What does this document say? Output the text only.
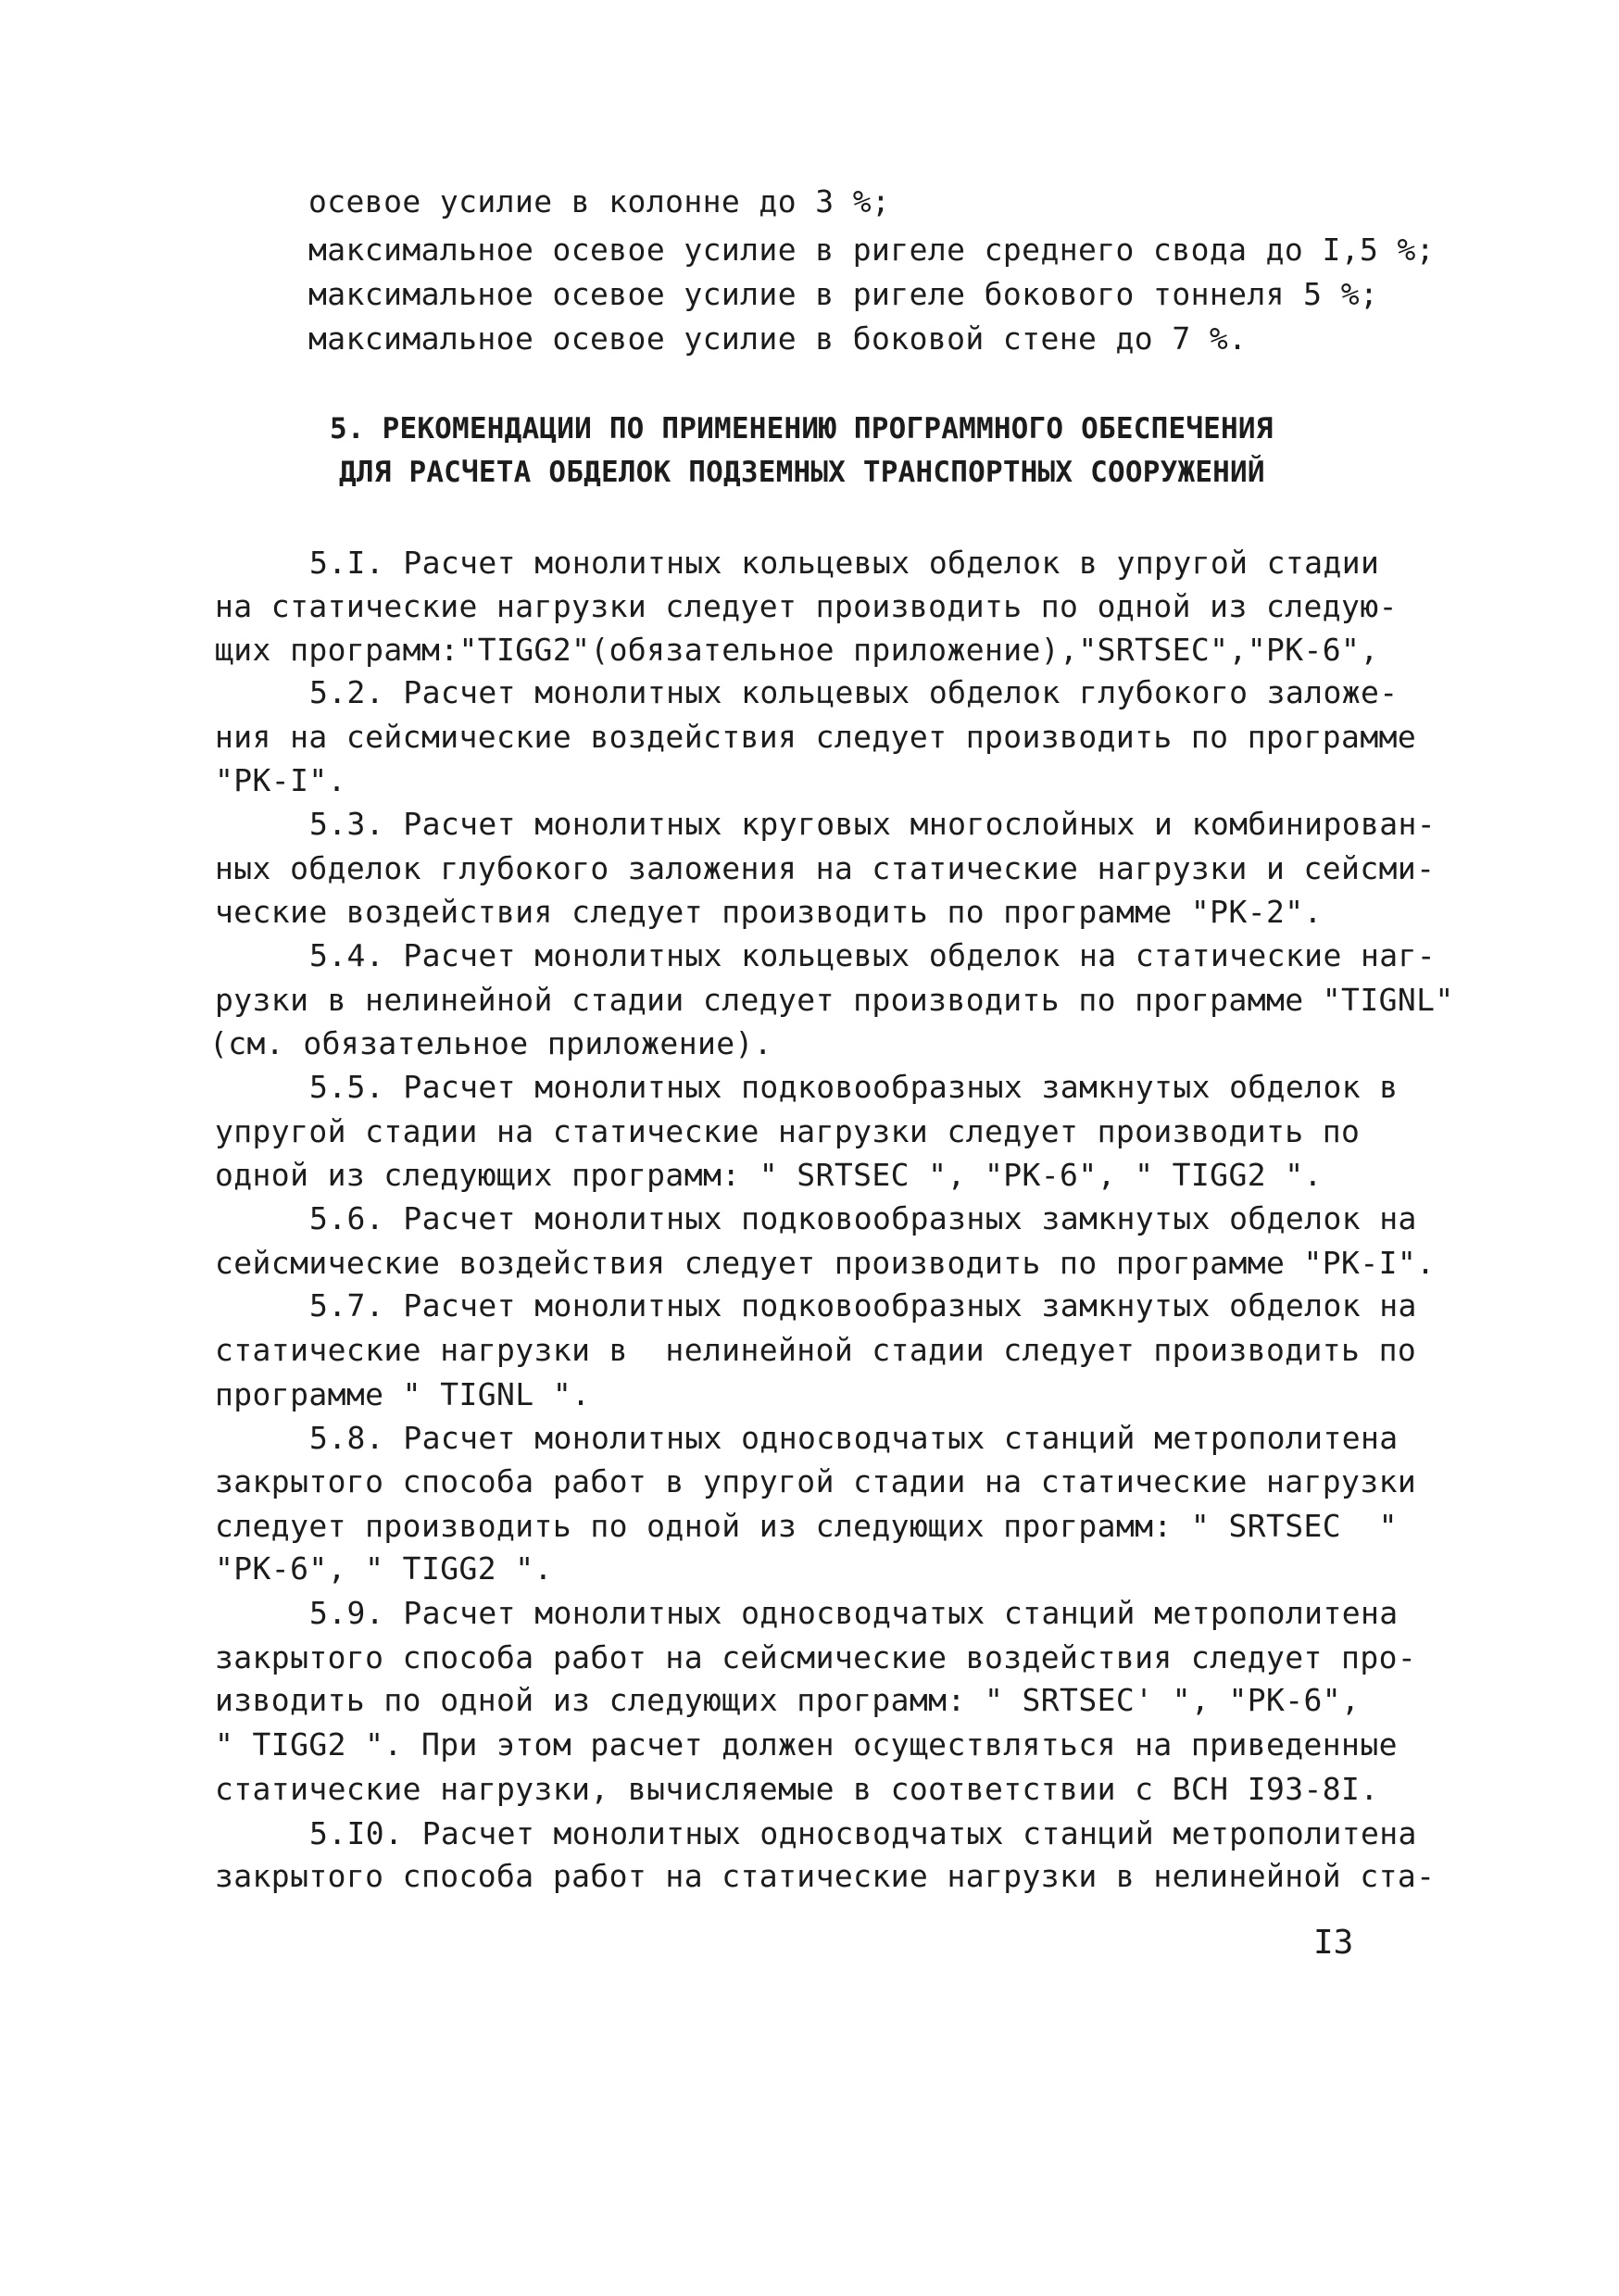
осевое усилие в колонне до 3 %;
максимальное осевое усилие в ригеле среднего свода до I,5 %;
максимальное осевое усилие в ригеле бокового тоннеля 5 %;
максимальное осевое усилие в боковой стене до 7 %.
5. РЕКОМЕНДАЦИИ ПО ПРИМЕНЕНИЮ ПРОГРАММНОГО ОБЕСПЕЧЕНИЯ
ДЛЯ РАСЧЕТА ОБДЕЛОК ПОДЗЕМНЫХ ТРАНСПОРТНЫХ СООРУЖЕНИЙ
5.I. Расчет монолитных кольцевых обделок в упругой стадии
на статические нагрузки следует производить по одной из следую-
щих программ:"TIGG2"(обязательное приложение),"SRTSEC","РК-6",
5.2. Расчет монолитных кольцевых обделок глубокого заложе-
ния на сейсмические воздействия следует производить по программе
"РК-I".
5.3. Расчет монолитных круговых многослойных и комбинирован-
ных обделок глубокого заложения на статические нагрузки и сейсми-
ческие воздействия следует производить по программе "РК-2".
5.4. Расчет монолитных кольцевых обделок на статические наг-
рузки в нелинейной стадии следует производить по программе "TIGNL"
(см. обязательное приложение).
5.5. Расчет монолитных подковообразных замкнутых обделок в
упругой стадии на статические нагрузки следует производить по
одной из следующих программ: " SRTSEC ", "РК-6", " TIGG2 ".
5.6. Расчет монолитных подковообразных замкнутых обделок на
сейсмические воздействия следует производить по программе "РК-I".
5.7. Расчет монолитных подковообразных замкнутых обделок на
статические нагрузки в  нелинейной стадии следует производить по
программе " TIGNL ".
5.8. Расчет монолитных односводчатых станций метрополитена
закрытого способа работ в упругой стадии на статические нагрузки
следует производить по одной из следующих программ: " SRTSEC  "
"РК-6", " TIGG2 ".
5.9. Расчет монолитных односводчатых станций метрополитена
закрытого способа работ на сейсмические воздействия следует про-
изводить по одной из следующих программ: " SRTSEC' ", "РК-6",
" TIGG2 ". При этом расчет должен осуществляться на приведенные
статические нагрузки, вычисляемые в соответствии с ВСН I93-8I.
5.I0. Расчет монолитных односводчатых станций метрополитена
закрытого способа работ на статические нагрузки в нелинейной ста-
I3
